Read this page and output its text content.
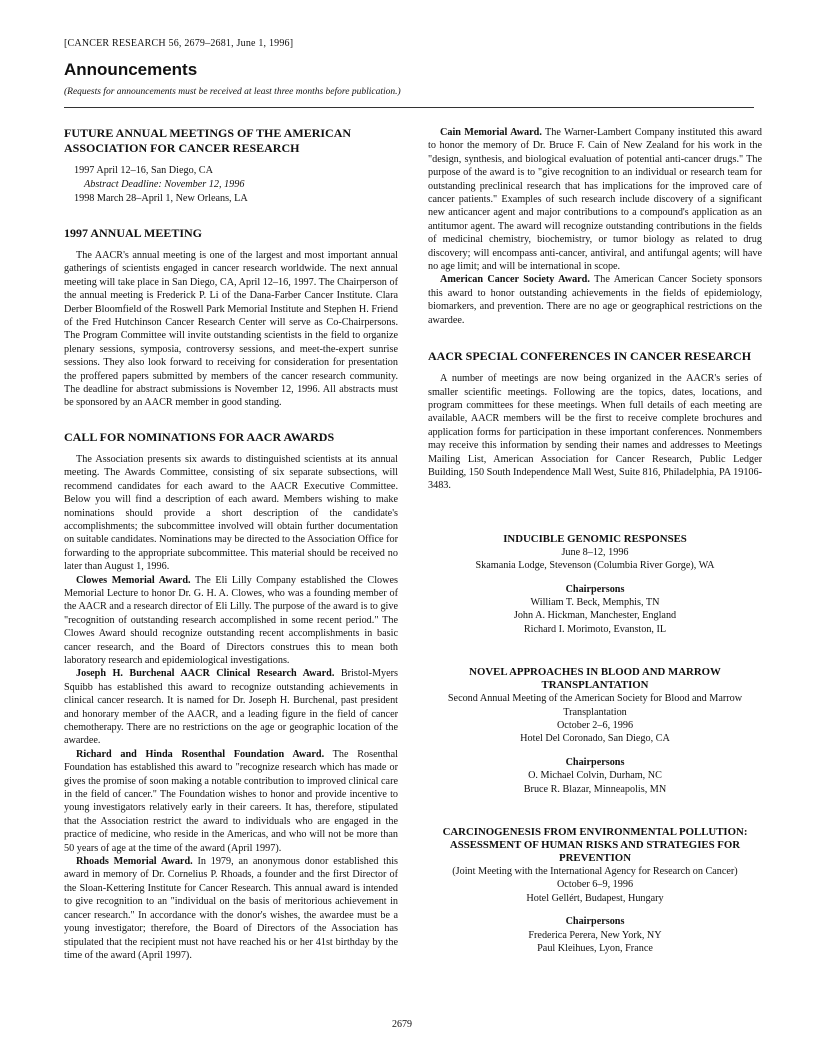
[CANCER RESEARCH 56, 2679–2681, June 1, 1996]
Announcements
(Requests for announcements must be received at least three months before publication.)
FUTURE ANNUAL MEETINGS OF THE AMERICAN ASSOCIATION FOR CANCER RESEARCH
1997 April 12–16, San Diego, CA
Abstract Deadline: November 12, 1996
1998 March 28–April 1, New Orleans, LA
1997 ANNUAL MEETING

The AACR's annual meeting is one of the largest and most important annual gatherings of scientists engaged in cancer research worldwide. The next annual meeting will take place in San Diego, CA, April 12–16, 1997. The Chairperson of the annual meeting is Frederick P. Li of the Dana-Farber Cancer Institute. Clara Derber Bloomfield of the Roswell Park Memorial Institute and Stephen H. Friend of the Fred Hutchinson Cancer Research Center will serve as Co-Chairpersons. The Program Committee will invite outstanding scientists in the field to organize plenary sessions, symposia, controversy sessions, and meet-the-expert sunrise sessions. They also look forward to receiving for consideration for presentation the proffered papers submitted by members of the cancer research community. The deadline for abstract submissions is November 12, 1996. All abstracts must be sponsored by an AACR member in good standing.

CALL FOR NOMINATIONS FOR AACR AWARDS

The Association presents six awards to distinguished scientists at its annual meeting. The Awards Committee, consisting of six separate subsections, will recommend candidates for each award to the AACR Executive Committee. Below you will find a description of each award. Members wishing to make nominations should provide a short description of the candidate's accomplishments; the subcommittee involved will obtain further documentation on suitable candidates. Nominations may be directed to the Association Office for forwarding to the appropriate subcommittee. This material should be received no later than August 1, 1996.

Clowes Memorial Award. The Eli Lilly Company established the Clowes Memorial Lecture to honor Dr. G. H. A. Clowes, who was a founding member of the AACR and a research director of Eli Lilly. The purpose of the award is to give "recognition of outstanding research accomplished in some recent period." The Clowes Award should recognize outstanding recent accomplishments in basic cancer research, and the Board of Directors construes this to mean both laboratory research and epidemiological investigations.

Joseph H. Burchenal AACR Clinical Research Award. Bristol-Myers Squibb has established this award to recognize outstanding achievements in clinical cancer research. It is named for Dr. Joseph H. Burchenal, past president and honorary member of the AACR, and a leading figure in the field of cancer chemotherapy. There are no restrictions on the age or geographic location of the awardee.

Richard and Hinda Rosenthal Foundation Award. The Rosenthal Foundation has established this award to "recognize research which has made or gives the promise of soon making a notable contribution to improved clinical care in the field of cancer." The Foundation wishes to honor and provide incentive to young investigators relatively early in their careers. It has, therefore, stipulated that the Association restrict the award to individuals who are engaged in the practice of medicine, who reside in the Americas, and who will not be more than 50 years of age at the time of the award (April 1997).

Rhoads Memorial Award. In 1979, an anonymous donor established this award in memory of Dr. Cornelius P. Rhoads, a founder and the first Director of the Sloan-Kettering Institute for Cancer Research. This annual award is intended to give recognition to an "individual on the basis of meritorious achievement in cancer research." In accordance with the donor's wishes, the awardee must be a young investigator; therefore, the Board of Directors of the Association has stipulated that the recipient must not have reached his or her 41st birthday by the time of the award (April 1997).

Cain Memorial Award. The Warner-Lambert Company instituted this award to honor the memory of Dr. Bruce F. Cain of New Zealand for his work in the "design, synthesis, and biological evaluation of potential anti-cancer drugs." The purpose of the award is to "give recognition to an individual or research team for outstanding preclinical research that has implications for the improved care of cancer patients." Examples of such research include discovery of a significant new anticancer agent and major contributions to a compound's application as an antitumor agent. The award will recognize outstanding contributions in the fields of medicinal chemistry, biochemistry, or tumor biology as related to drug discovery; will encompass anti-cancer, antiviral, and antifungal agents; will have no age limit; and will be international in scope.

American Cancer Society Award. The American Cancer Society sponsors this award to honor outstanding achievements in the fields of epidemiology, biomarkers, and prevention. There are no age or geographical restrictions on the awardee.

AACR SPECIAL CONFERENCES IN CANCER RESEARCH

A number of meetings are now being organized in the AACR's series of smaller scientific meetings. Following are the topics, dates, locations, and program committees for these meetings. When full details of each meeting are available, AACR members will be the first to receive complete brochures and application forms for participation in these important conferences. Nonmembers may receive this information by sending their names and addresses to Meetings Mailing List, American Association for Cancer Research, Public Ledger Building, 150 South Independence Mall West, Suite 816, Philadelphia, PA 19106-3483.

INDUCIBLE GENOMIC RESPONSES
June 8–12, 1996
Skamania Lodge, Stevenson (Columbia River Gorge), WA
Chairpersons
William T. Beck, Memphis, TN
John A. Hickman, Manchester, England
Richard I. Morimoto, Evanston, IL
NOVEL APPROACHES IN BLOOD AND MARROW TRANSPLANTATION
Second Annual Meeting of the American Society for Blood and Marrow Transplantation
October 2–6, 1996
Hotel Del Coronado, San Diego, CA
Chairpersons
O. Michael Colvin, Durham, NC
Bruce R. Blazar, Minneapolis, MN
CARCINOGENESIS FROM ENVIRONMENTAL POLLUTION: ASSESSMENT OF HUMAN RISKS AND STRATEGIES FOR PREVENTION
(Joint Meeting with the International Agency for Research on Cancer)
October 6–9, 1996
Hotel Gellért, Budapest, Hungary
Chairpersons
Frederica Perera, New York, NY
Paul Kleihues, Lyon, France
2679
